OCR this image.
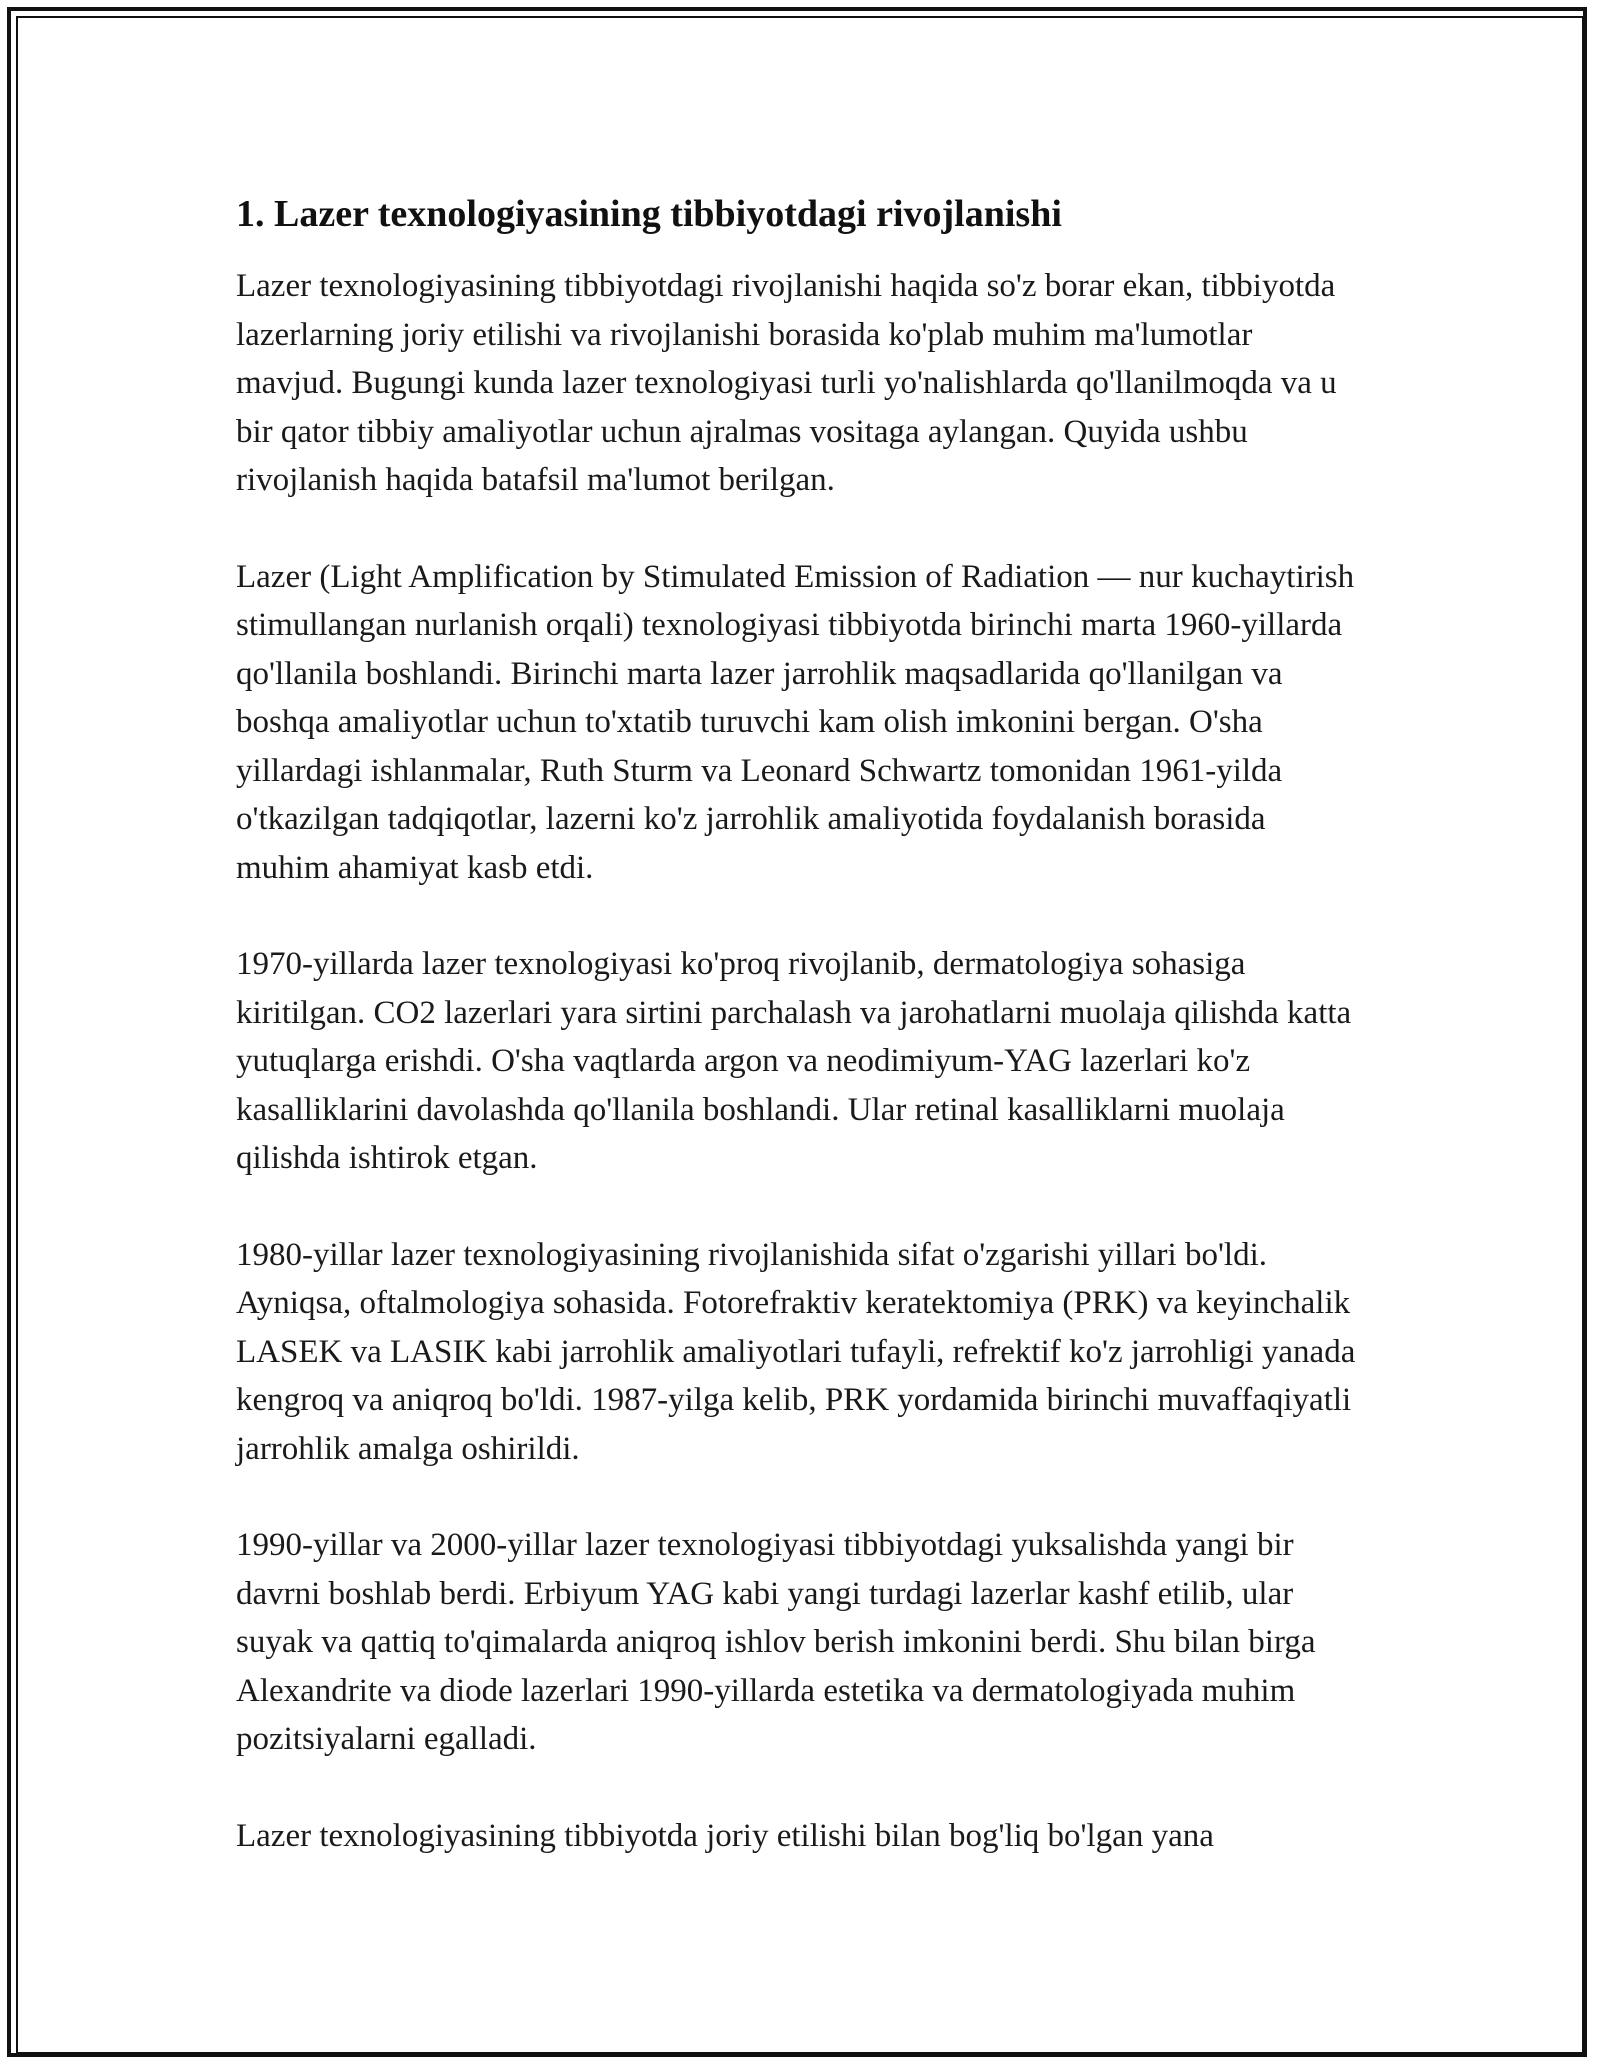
1. Lazer texnologiyasining tibbiyotdagi rivojlanishi

Lazer texnologiyasining tibbiyotdagi rivojlanishi haqida so'z borar ekan, tibbiyotda lazerlarning joriy etilishi va rivojlanishi borasida ko'plab muhim ma'lumotlar mavjud. Bugungi kunda lazer texnologiyasi turli yo'nalishlarda qo'llanilmoqda va u bir qator tibbiy amaliyotlar uchun ajralmas vositaga aylangan. Quyida ushbu rivojlanish haqida batafsil ma'lumot berilgan.

Lazer (Light Amplification by Stimulated Emission of Radiation — nur kuchaytirish stimullangan nurlanish orqali) texnologiyasi tibbiyotda birinchi marta 1960-yillarda qo'llanila boshlandi. Birinchi marta lazer jarrohlik maqsadlarida qo'llanilgan va boshqa amaliyotlar uchun to'xtatib turuvchi kam olish imkonini bergan. O'sha yillardagi ishlanmalar, Ruth Sturm va Leonard Schwartz tomonidan 1961-yilda o'tkazilgan tadqiqotlar, lazerni ko'z jarrohlik amaliyotida foydalanish borasida muhim ahamiyat kasb etdi.

1970-yillarda lazer texnologiyasi ko'proq rivojlanib, dermatologiya sohasiga kiritilgan. CO2 lazerlari yara sirtini parchalash va jarohatlarni muolaja qilishda katta yutuqlarga erishdi. O'sha vaqtlarda argon va neodimiyum-YAG lazerlari ko'z kasalliklarini davolashda qo'llanila boshlandi. Ular retinal kasalliklarni muolaja qilishda ishtirok etgan.

1980-yillar lazer texnologiyasining rivojlanishida sifat o'zgarishi yillari bo'ldi. Ayniqsa, oftalmologiya sohasida. Fotorefraktiv keratektomiya (PRK) va keyinchalik LASEK va LASIK kabi jarrohlik amaliyotlari tufayli, refrektif ko'z jarrohligi yanada kengroq va aniqroq bo'ldi. 1987-yilga kelib, PRK yordamida birinchi muvaffaqiyatli jarrohlik amalga oshirildi.

1990-yillar va 2000-yillar lazer texnologiyasi tibbiyotdagi yuksalishda yangi bir davrni boshlab berdi. Erbiyum YAG kabi yangi turdagi lazerlar kashf etilib, ular suyak va qattiq to'qimalarda aniqroq ishlov berish imkonini berdi. Shu bilan birga Alexandrite va diode lazerlari 1990-yillarda estetika va dermatologiyada muhim pozitsiyalarni egalladi.

Lazer texnologiyasining tibbiyotda joriy etilishi bilan bog'liq bo'lgan yana
